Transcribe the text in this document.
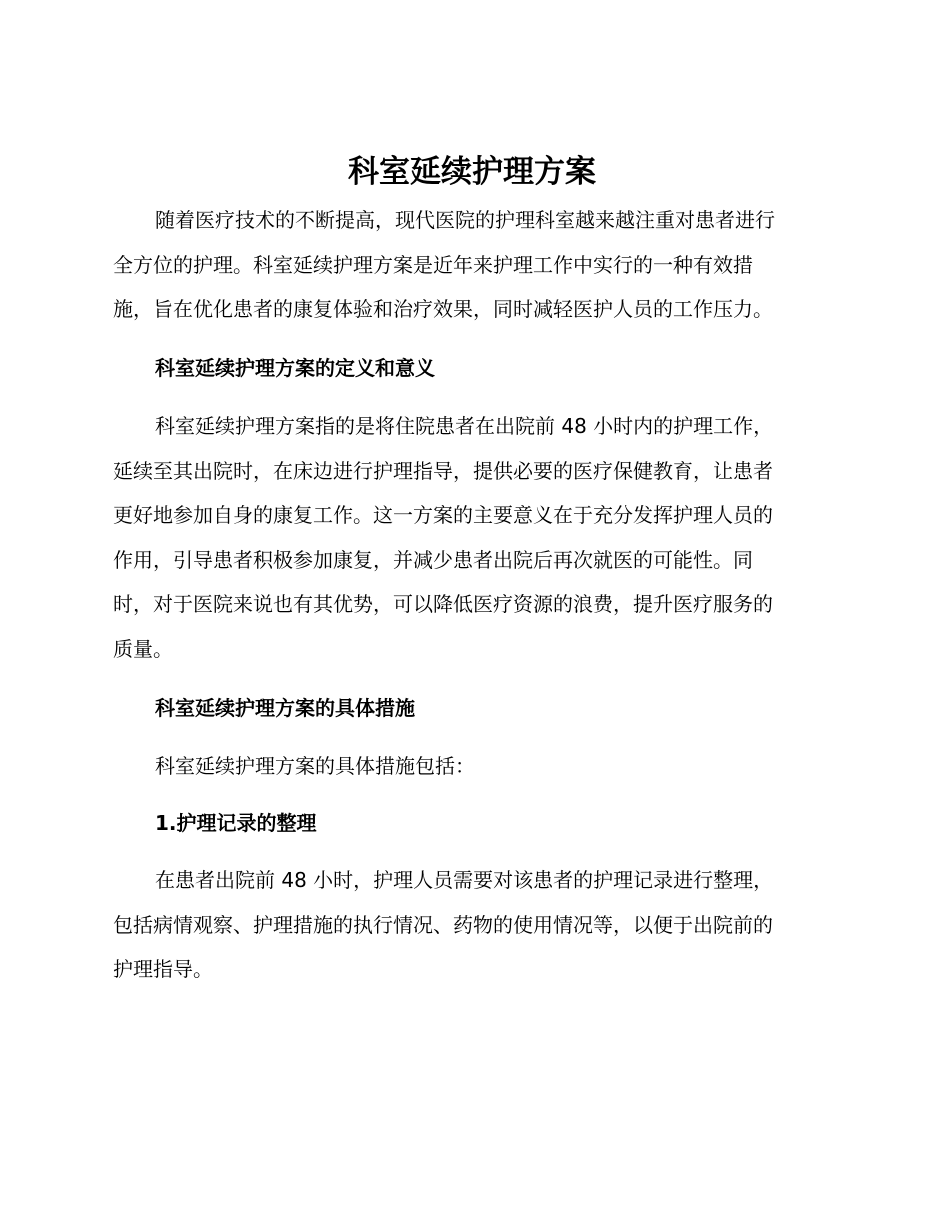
科室延续护理方案
随着医疗技术的不断提高，现代医院的护理科室越来越注重对患者进行
全方位的护理。科室延续护理方案是近年来护理工作中实行的一种有效措
施，旨在优化患者的康复体验和治疗效果，同时减轻医护人员的工作压力。
科室延续护理方案的定义和意义
科室延续护理方案指的是将住院患者在出院前 48 小时内的护理工作，
延续至其出院时，在床边进行护理指导，提供必要的医疗保健教育，让患者
更好地参加自身的康复工作。这一方案的主要意义在于充分发挥护理人员的
作用，引导患者积极参加康复，并减少患者出院后再次就医的可能性。同
时，对于医院来说也有其优势，可以降低医疗资源的浪费，提升医疗服务的
质量。
科室延续护理方案的具体措施
科室延续护理方案的具体措施包括：
1.护理记录的整理
在患者出院前 48 小时，护理人员需要对该患者的护理记录进行整理，
包括病情观察、护理措施的执行情况、药物的使用情况等，以便于出院前的
护理指导。
